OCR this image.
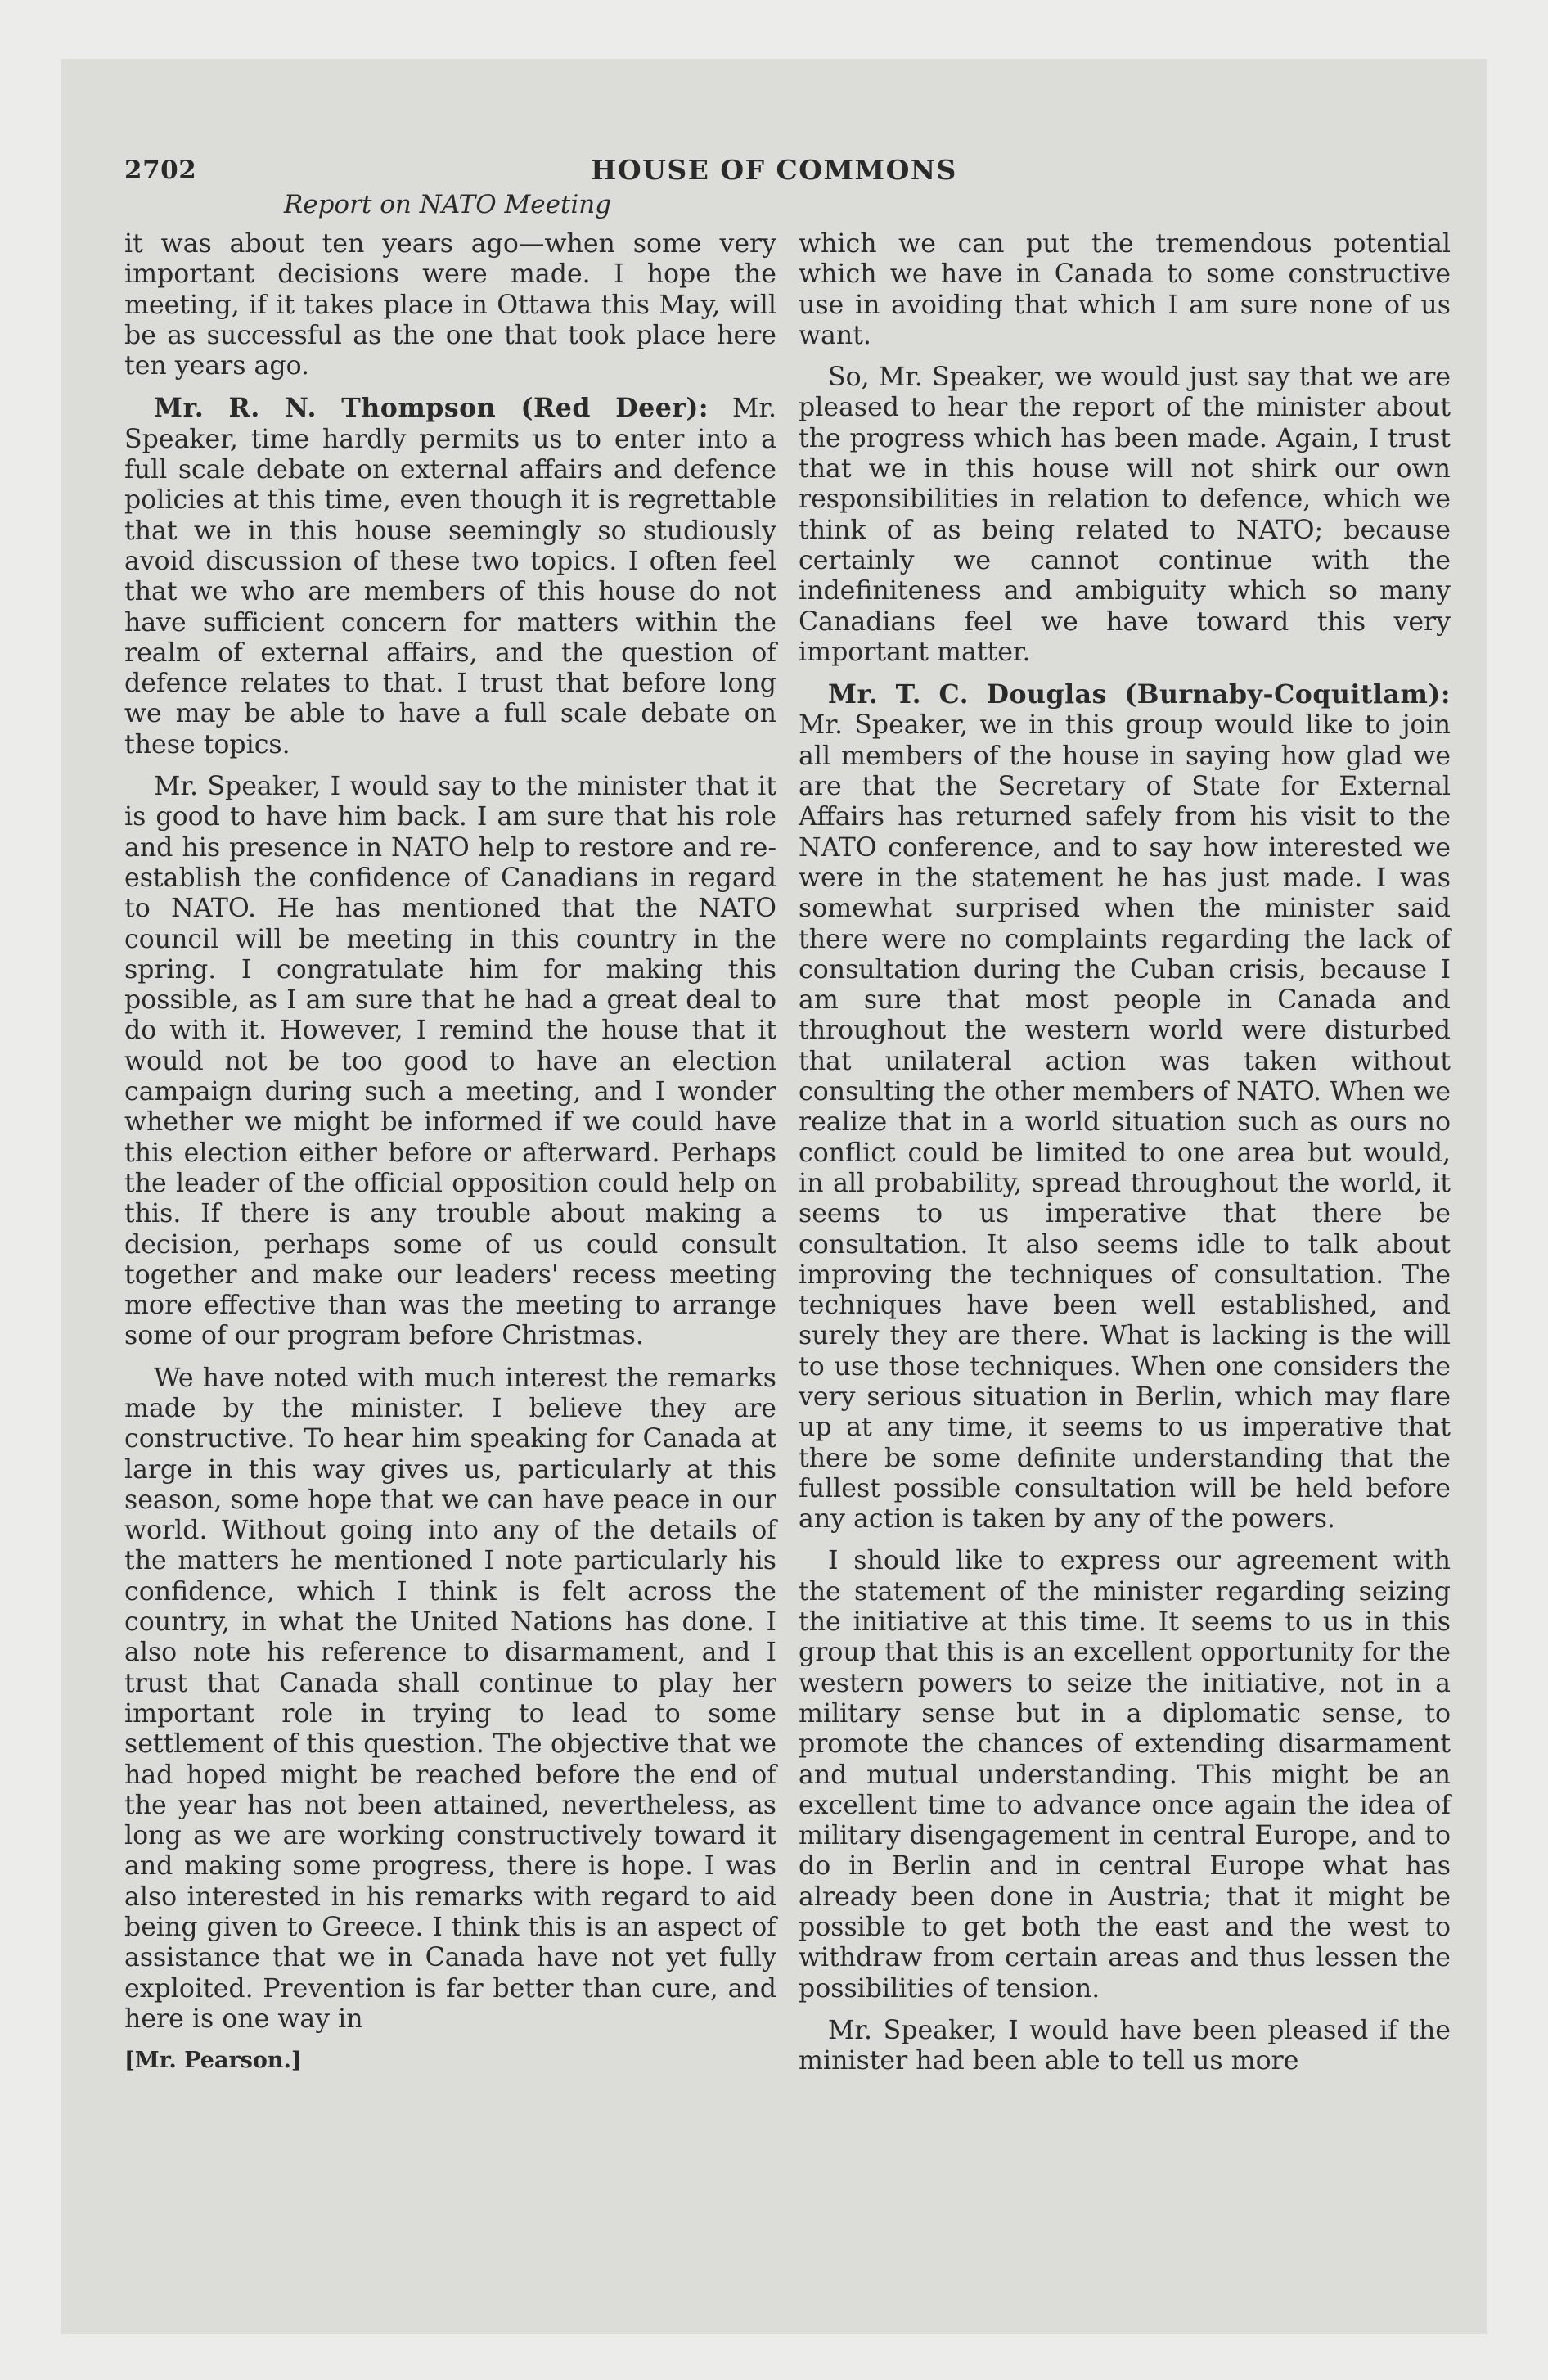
2702	HOUSE OF COMMONS
Report on NATO Meeting

it was about ten years ago—when some very important decisions were made. I hope the meeting, if it takes place in Ottawa this May, will be as successful as the one that took place here ten years ago.

Mr. R. N. Thompson (Red Deer): Mr. Speaker, time hardly permits us to enter into a full scale debate on external affairs and defence policies at this time, even though it is regrettable that we in this house seemingly so studiously avoid discussion of these two topics. I often feel that we who are members of this house do not have sufficient concern for matters within the realm of external affairs, and the question of defence relates to that. I trust that before long we may be able to have a full scale debate on these topics.

Mr. Speaker, I would say to the minister that it is good to have him back. I am sure that his role and his presence in NATO help to restore and re-establish the confidence of Canadians in regard to NATO. He has mentioned that the NATO council will be meeting in this country in the spring. I congratulate him for making this possible, as I am sure that he had a great deal to do with it. However, I remind the house that it would not be too good to have an election campaign during such a meeting, and I wonder whether we might be informed if we could have this election either before or afterward. Perhaps the leader of the official opposition could help on this. If there is any trouble about making a decision, perhaps some of us could consult together and make our leaders' recess meeting more effective than was the meeting to arrange some of our program before Christmas.

We have noted with much interest the remarks made by the minister. I believe they are constructive. To hear him speaking for Canada at large in this way gives us, particularly at this season, some hope that we can have peace in our world. Without going into any of the details of the matters he mentioned I note particularly his confidence, which I think is felt across the country, in what the United Nations has done. I also note his reference to disarmament, and I trust that Canada shall continue to play her important role in trying to lead to some settlement of this question. The objective that we had hoped might be reached before the end of the year has not been attained, nevertheless, as long as we are working constructively toward it and making some progress, there is hope. I was also interested in his remarks with regard to aid being given to Greece. I think this is an aspect of assistance that we in Canada have not yet fully exploited. Prevention is far better than cure, and here is one way in

which we can put the tremendous potential which we have in Canada to some constructive use in avoiding that which I am sure none of us want.

So, Mr. Speaker, we would just say that we are pleased to hear the report of the minister about the progress which has been made. Again, I trust that we in this house will not shirk our own responsibilities in relation to defence, which we think of as being related to NATO; because certainly we cannot continue with the indefiniteness and ambiguity which so many Canadians feel we have toward this very important matter.

Mr. T. C. Douglas (Burnaby-Coquitlam): Mr. Speaker, we in this group would like to join all members of the house in saying how glad we are that the Secretary of State for External Affairs has returned safely from his visit to the NATO conference, and to say how interested we were in the statement he has just made. I was somewhat surprised when the minister said there were no complaints regarding the lack of consultation during the Cuban crisis, because I am sure that most people in Canada and throughout the western world were disturbed that unilateral action was taken without consulting the other members of NATO. When we realize that in a world situation such as ours no conflict could be limited to one area but would, in all probability, spread throughout the world, it seems to us imperative that there be consultation. It also seems idle to talk about improving the techniques of consultation. The techniques have been well established, and surely they are there. What is lacking is the will to use those techniques. When one considers the very serious situation in Berlin, which may flare up at any time, it seems to us imperative that there be some definite understanding that the fullest possible consultation will be held before any action is taken by any of the powers.

I should like to express our agreement with the statement of the minister regarding seizing the initiative at this time. It seems to us in this group that this is an excellent opportunity for the western powers to seize the initiative, not in a military sense but in a diplomatic sense, to promote the chances of extending disarmament and mutual understanding. This might be an excellent time to advance once again the idea of military disengagement in central Europe, and to do in Berlin and in central Europe what has already been done in Austria; that it might be possible to get both the east and the west to withdraw from certain areas and thus lessen the possibilities of tension.

Mr. Speaker, I would have been pleased if the minister had been able to tell us more

[Mr. Pearson.]
